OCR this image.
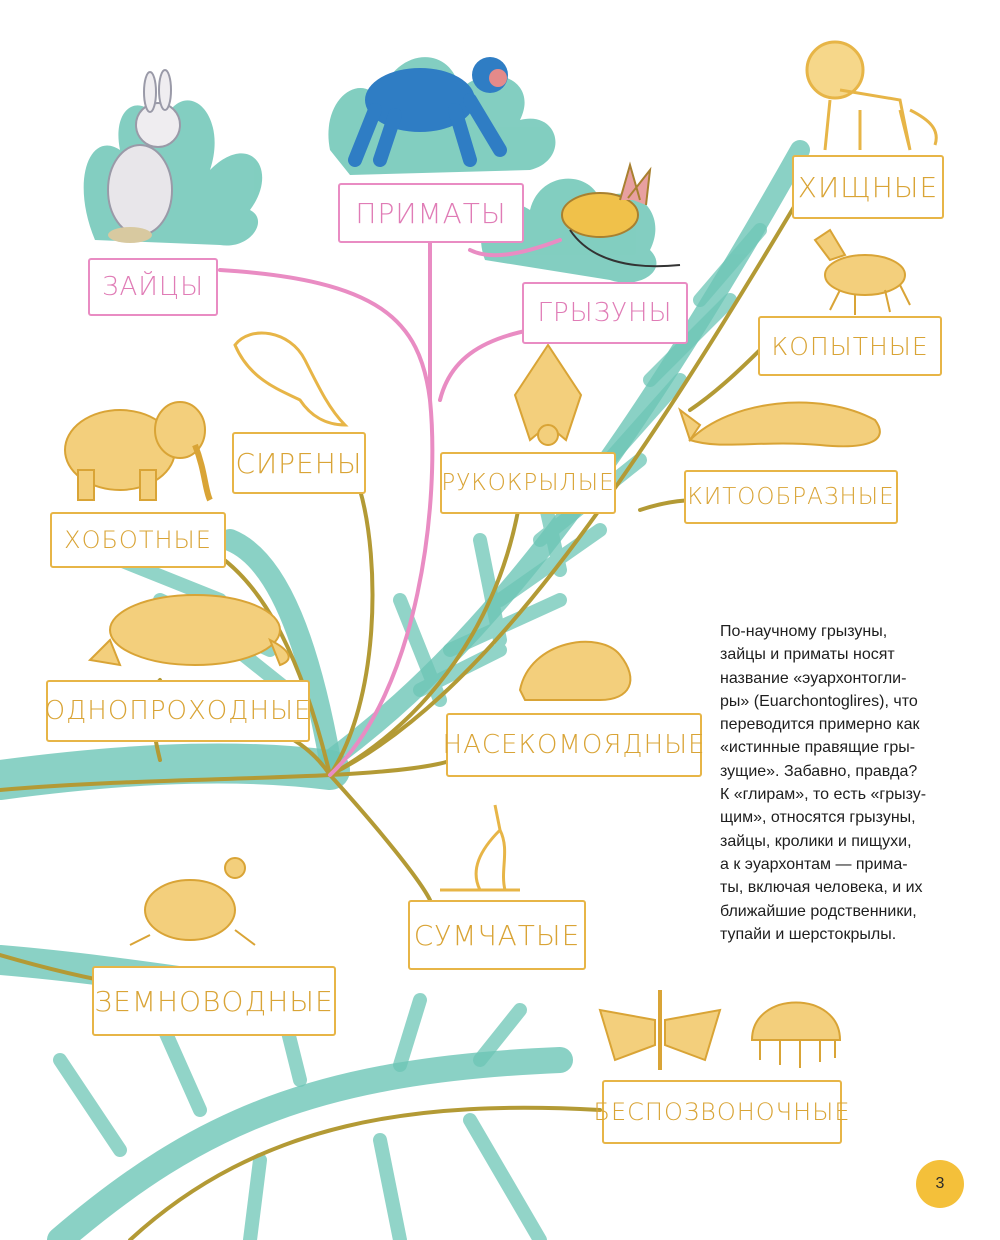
ЗАЙЦЫ
ПРИМАТЫ
ГРЫЗУНЫ
ХИЩНЫЕ
КОПЫТНЫЕ
СИРЕНЫ
РУКОКРЫЛЫЕ
КИТООБРАЗНЫЕ
ХОБОТНЫЕ
ОДНОПРОХОДНЫЕ
НАСЕКОМОЯДНЫЕ
СУМЧАТЫЕ
ЗЕМНОВОДНЫЕ
БЕСПОЗВОНОЧНЫЕ
По-научному грызуны,
зайцы и приматы носят
название «эуархонтогли-
ры» (Euarchontoglires), что
переводится примерно как
«истинные правящие гры-
зущие». Забавно, правда?
К «глирам», то есть «грызу-
щим», относятся грызуны,
зайцы, кролики и пищухи,
а к эуархонтам — прима-
ты, включая человека, и их
ближайшие родственники,
тупайи и шерстокрылы.
3
